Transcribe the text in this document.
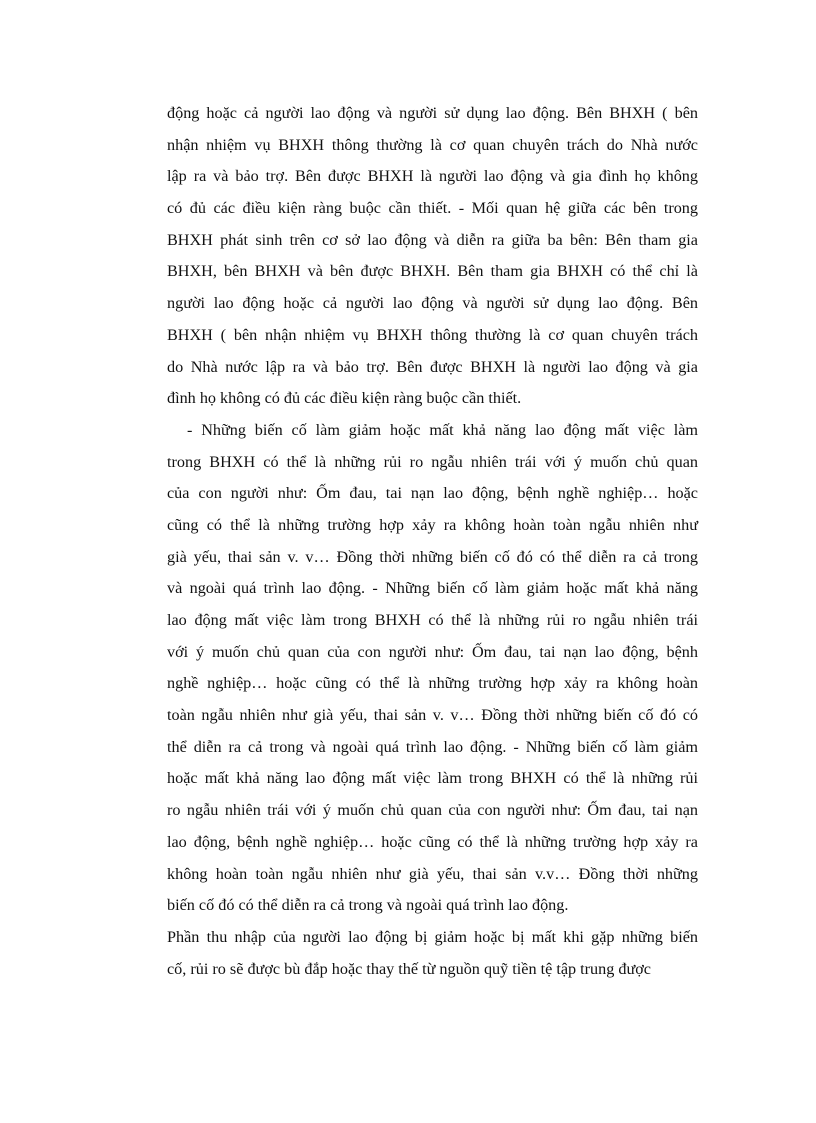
động hoặc cả người lao động và người sử dụng lao động. Bên BHXH ( bên
nhận nhiệm vụ BHXH thông thường là cơ quan chuyên trách do Nhà nước
lập ra và bảo trợ. Bên được BHXH là người lao động và gia đình họ không
có đủ các điều kiện ràng buộc cần thiết. - Mối quan hệ giữa các bên trong
BHXH phát sinh trên cơ sở lao động và diễn ra giữa ba bên: Bên tham gia
BHXH, bên BHXH và bên được BHXH. Bên tham gia BHXH có thể chỉ là
người lao động hoặc cả người lao động và người sử dụng lao động. Bên
BHXH ( bên nhận nhiệm vụ BHXH thông thường là cơ quan chuyên trách
do Nhà nước lập ra và bảo trợ. Bên được BHXH là người lao động và gia
đình họ không có đủ các điều kiện ràng buộc cần thiết.
- Những biến cố làm giảm hoặc mất khả năng lao động mất việc làm
trong BHXH có thể là những rủi ro ngẫu nhiên trái với ý muốn chủ quan
của con người như: Ốm đau, tai nạn lao động, bệnh nghề nghiệp… hoặc
cũng có thể là những trường hợp xảy ra không hoàn toàn ngẫu nhiên như
già yếu, thai sản v. v… Đồng thời những biến cố đó có thể diễn ra cả trong
và ngoài quá trình lao động. - Những biến cố làm giảm hoặc mất khả năng
lao động mất việc làm trong BHXH có thể là những rủi ro ngẫu nhiên trái
với ý muốn chủ quan của con người như: Ốm đau, tai nạn lao động, bệnh
nghề nghiệp… hoặc cũng có thể là những trường hợp xảy ra không hoàn
toàn ngẫu nhiên như già yếu, thai sản v. v… Đồng thời những biến cố đó có
thể diễn ra cả trong và ngoài quá trình lao động. - Những biến cố làm giảm
hoặc mất khả năng lao động mất việc làm trong BHXH có thể là những rủi
ro ngẫu nhiên trái với ý muốn chủ quan của con người như: Ốm đau, tai nạn
lao động, bệnh nghề nghiệp… hoặc cũng có thể là những trường hợp xảy ra
không hoàn toàn ngẫu nhiên như già yếu, thai sản v.v… Đồng thời những
biến cố đó có thể diễn ra cả trong và ngoài quá trình lao động.
Phần thu nhập của người lao động bị giảm hoặc bị mất khi gặp những biến
cố, rủi ro sẽ được bù đắp hoặc thay thế từ nguồn quỹ tiền tệ tập trung được
